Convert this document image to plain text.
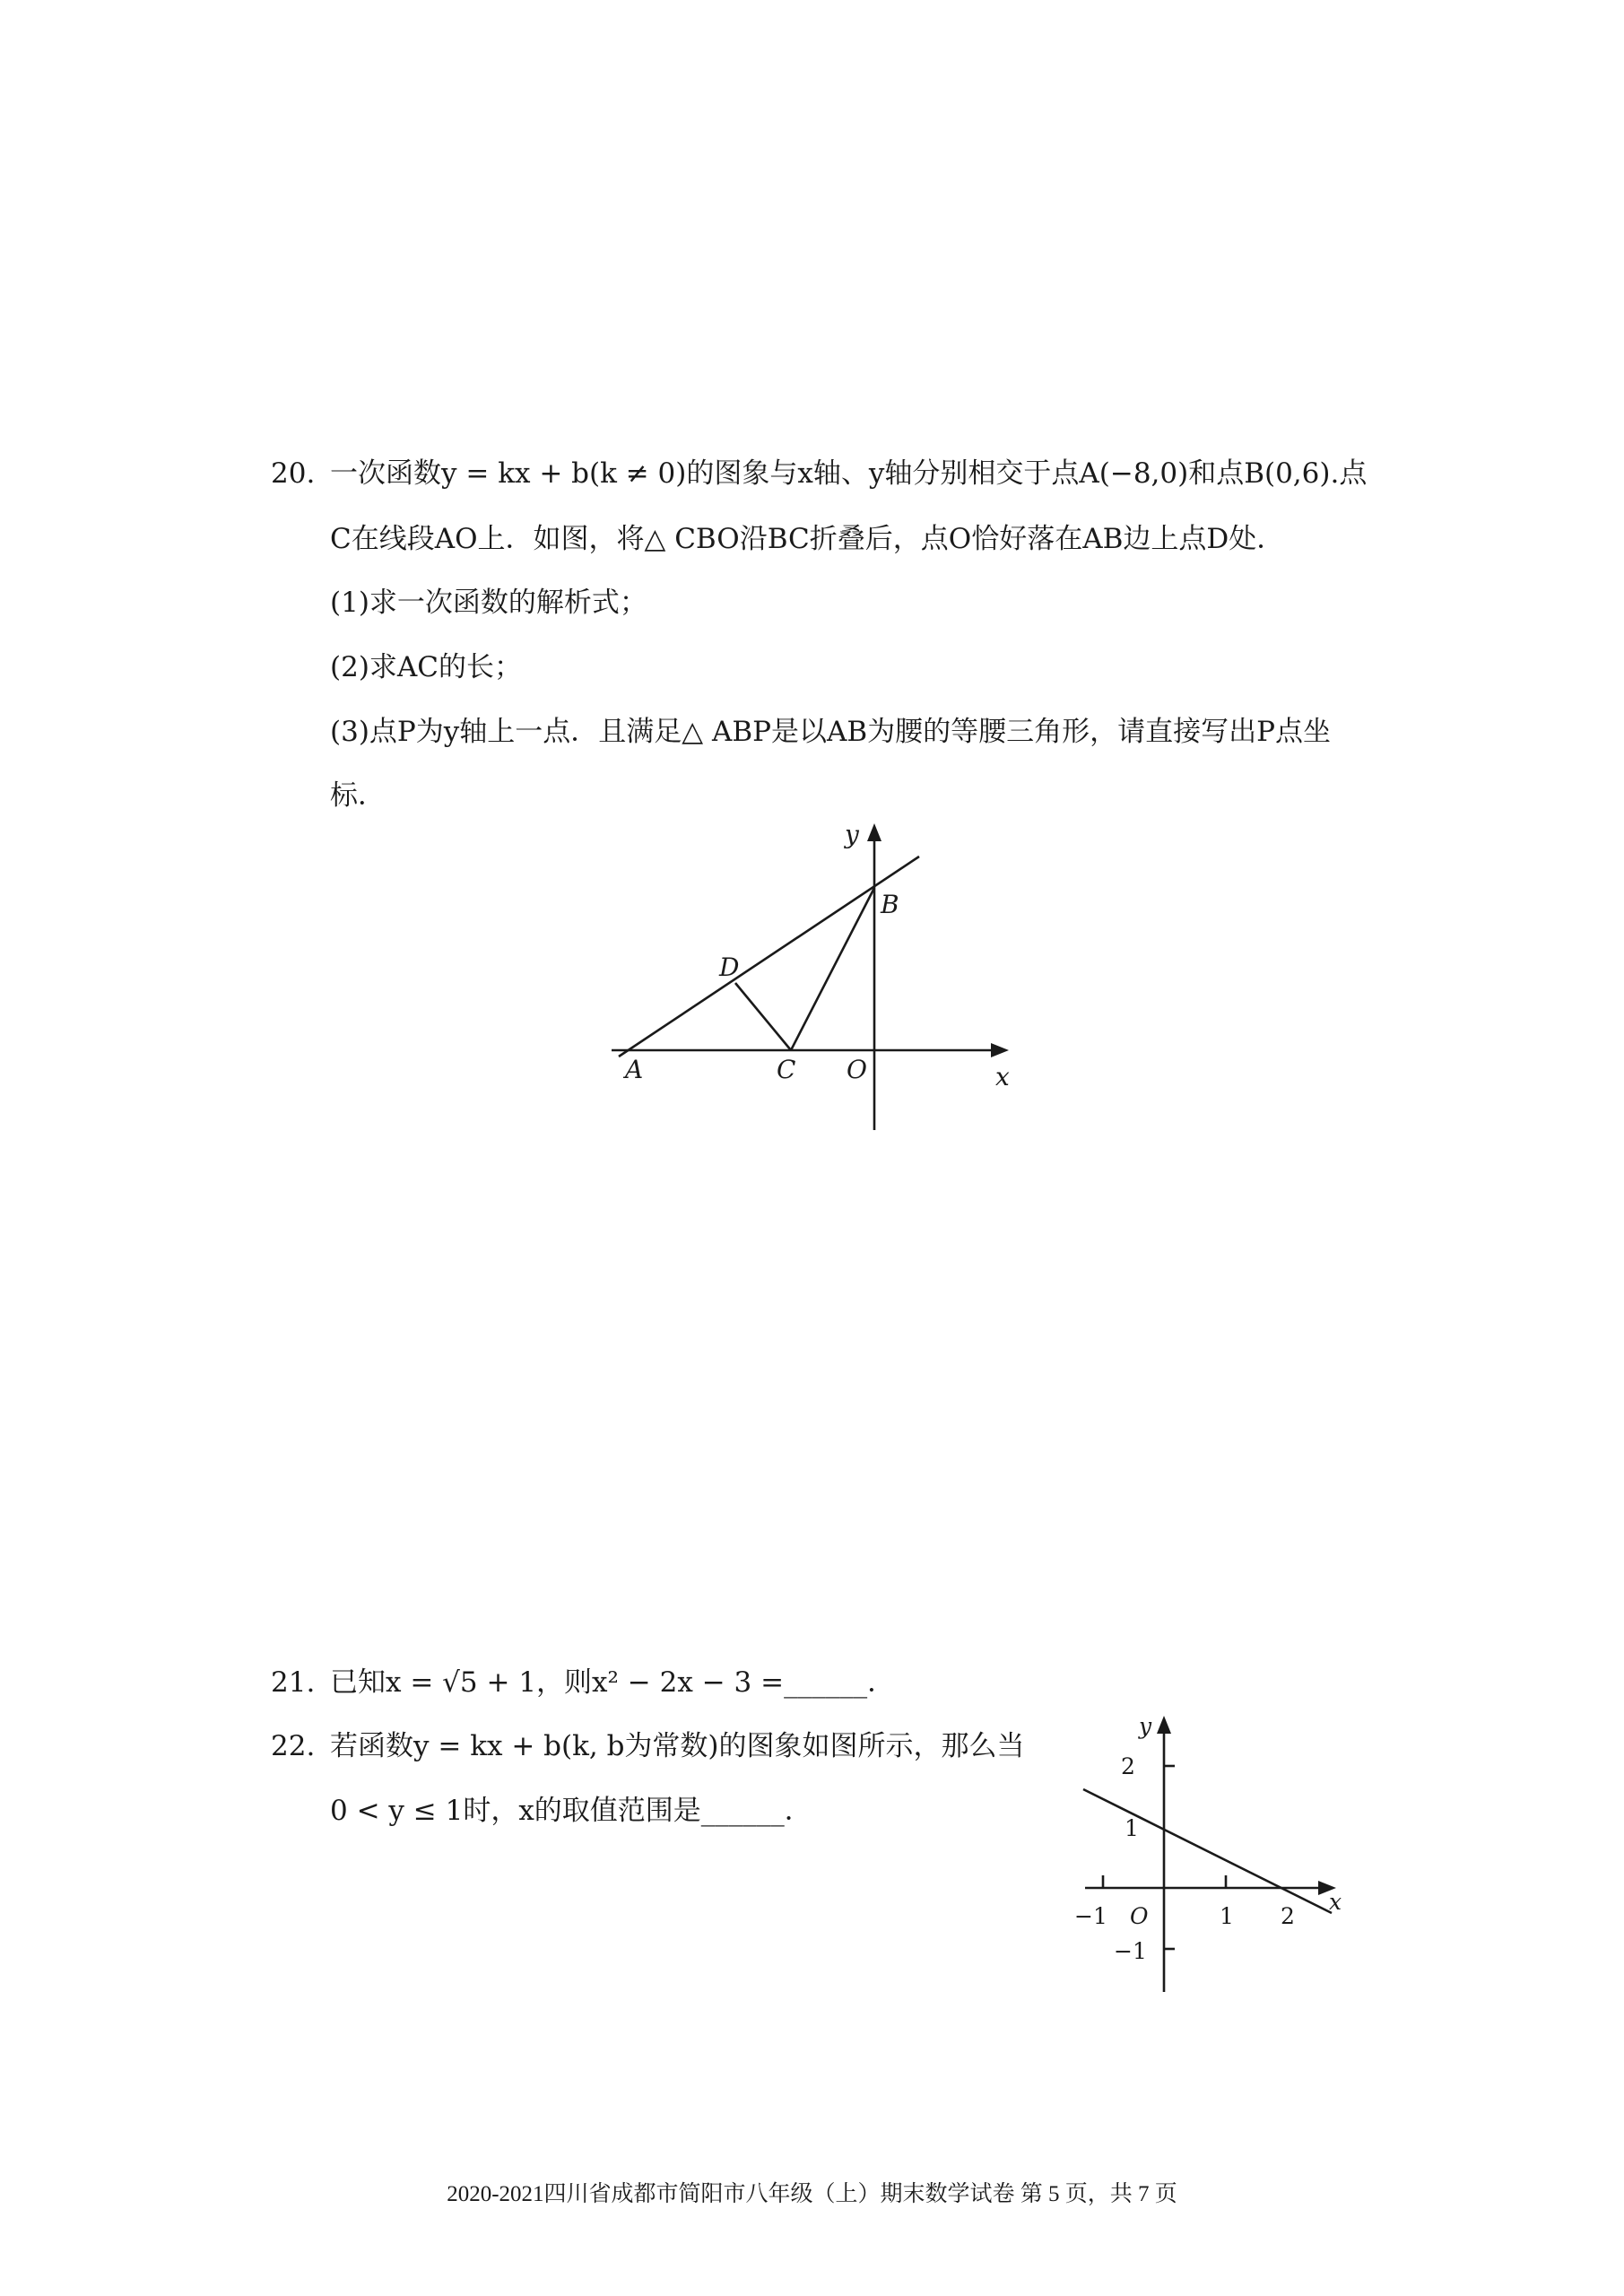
20. 一次函数y = kx + b(k ≠ 0)的图象与x轴、y轴分别相交于点A(−8,0)和点B(0,6).点
C在线段AO上．如图，将△ CBO沿BC折叠后，点O恰好落在AB边上点D处．
(1)求一次函数的解析式；
(2)求AC的长；
(3)点P为y轴上一点．且满足△ ABP是以AB为腰的等腰三角形，请直接写出P点坐
标．
y
B
D
A	C O	x
21. 已知x = √5 + 1，则x² − 2x − 3 =______．
22. 若函数y = kx + b(k, b为常数)的图象如图所示，那么当
0 < y ≤ 1时，x的取值范围是______．
y
2
1
−1 O	1 2
x
−1
2020-2021四川省成都市简阳市八年级（上）期末数学试卷 第 5 页，共 7 页
